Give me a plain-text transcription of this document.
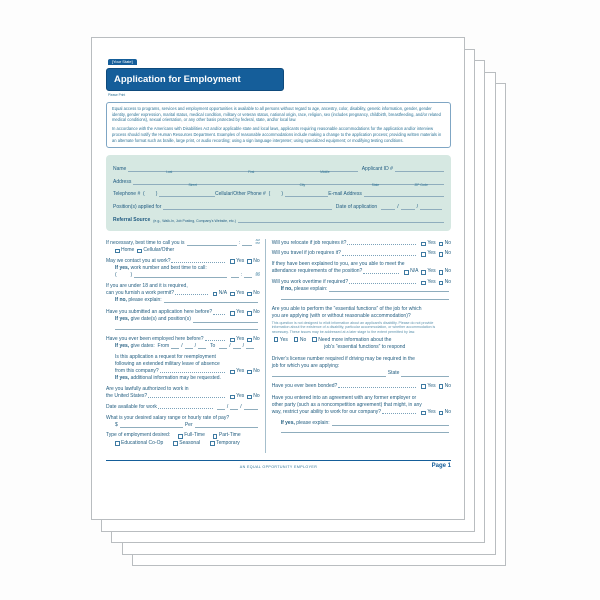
[Your State]
Application for Employment
Please Print

Equal access to programs, services and employment opportunities is available to all persons without regard to age, ancestry, color, disability, genetic information, gender, gender identity, gender expression, marital status, medical condition, military or veteran status, national origin, race, religion, sex (includes pregnancy, childbirth, breastfeeding, and/or related medical conditions), sexual orientation, or any other basis protected by federal, state, and/or local law.

In accordance with the Americans with Disabilities Act and/or applicable state and local laws, applicants requiring reasonable accommodations for the application and/or interview process should notify the Human Resources Department. Examples of reasonable accommodations include making a change to the application process; providing written materials in an alternate format such as braille, large print, or audio recording; using a sign language interpreter; using specialized equipment; or modifying testing conditions.

Name	Last	First	Middle	Applicant ID #
Address	Street	City	State	ZIP Code
Telephone #  (        )	Cellular/Other Phone #  (        )	E-mail Address
Position(s) applied for	Date of application	/	/
Referral Source (e.g., Walk-In, Job Posting, Company’s Website, etc.)
If necessary, best time to call you is	:	AM
PM
Home Cellular/Other
May we contact you at work?	Yes No
If yes, work number and best time to call:
(          )	:	AM
PM
If you are under 18 and it is required,
can you furnish a work permit?	N/A Yes No
If no, please explain:
Have you submitted an application here before?	Yes No
If yes, give date(s) and position(s)
Have you ever been employed here before?	Yes No
If yes, give dates:  From / /	To	/ /
Is this application a request for reemployment
following an extended military leave of absence
from this company?	Yes No
If yes, additional information may be requested.
Are you lawfully authorized to work in
the United States?	Yes No
Date available for work	/ /
What is your desired salary range or hourly rate of pay?
$	Per
Type of employment desired:	Full-Time	Part-Time
Educational Co-Op	Seasonal	Temporary
Will you relocate if job requires it?	Yes No
Will you travel if job requires it?	Yes No
If they have been explained to you, are you able to meet the
attendance requirements of the position?	N/A Yes No
Will you work overtime if required?	Yes No
If no, please explain:
Are you able to perform the “essential functions” of the job for which
you are applying (with or without reasonable accommodation)?
This question is not designed to elicit information about an applicant's disability. Please do not provide information about the existence of a disability, particular accommodation, or whether accommodation is necessary. These issues may be addressed at a later stage to the extent permitted by law.
Yes No Need more information about the
job’s “essential functions” to respond
Driver’s license number required if driving may be required in the
job for which you are applying:
State
Have you ever been bonded?	Yes No
Have you entered into an agreement with any former employer or
other party (such as a noncompetition agreement) that might, in any
way, restrict your ability to work for our company?	Yes No
If yes, please explain:
AN EQUAL OPPORTUNITY EMPLOYER	Page 1
